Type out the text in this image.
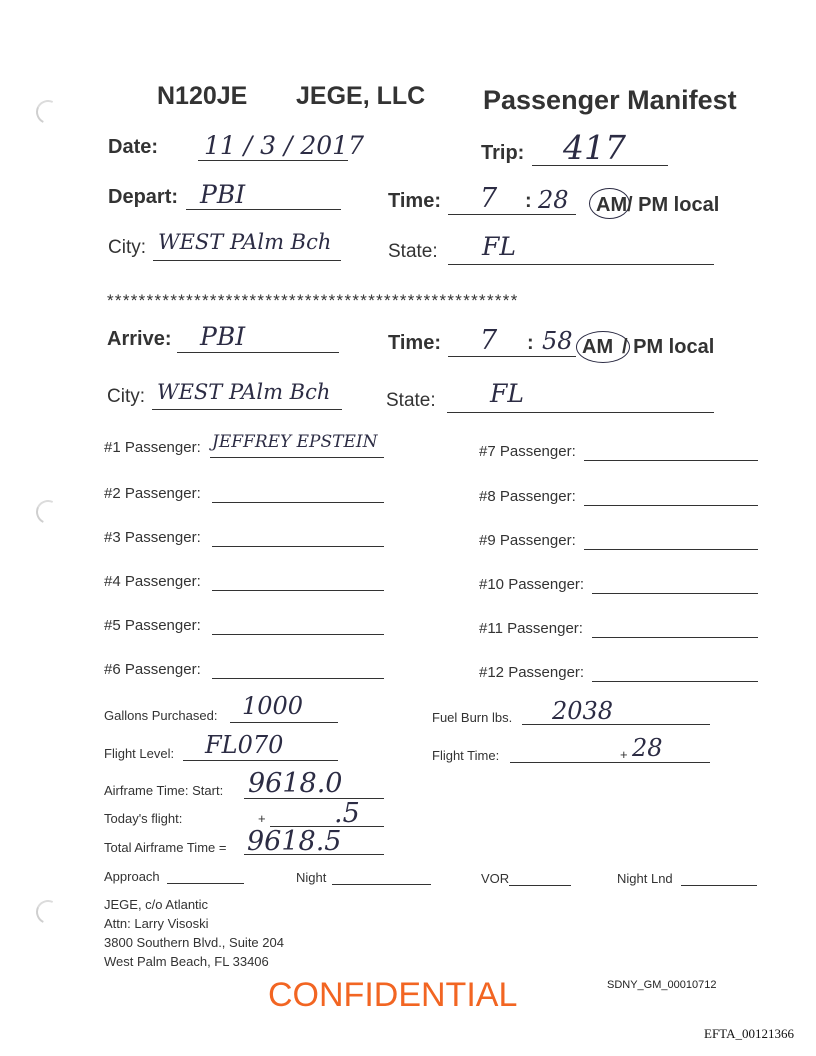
N120JE JEGE, LLC Passenger Manifest
Date: 11 / 3 / 2017	Trip: 417
Depart: PBI	Time: 7 : 28 AM / PM local
City: WEST PAlm Bch	State: FL
****************************************************
Arrive: PBI	Time: 7 : 58 AM / PM local
City: WEST PAlm Bch	State: FL
#1 Passenger: JEFFREY EPSTEIN
#2 Passenger:
#3 Passenger:
#4 Passenger:
#5 Passenger:
#6 Passenger:
#7 Passenger:
#8 Passenger:
#9 Passenger:
#10 Passenger:
#11 Passenger:
#12 Passenger:
Gallons Purchased: 1000	Fuel Burn lbs. 2038
Flight Level: FL070	Flight Time:	+ 28
Airframe Time: Start: 9618.0
Today's flight:	+	.5
Total Airframe Time = 9618.5
Approach	Night	VOR	Night Lnd
JEGE, c/o Atlantic
Attn: Larry Visoski
3800 Southern Blvd., Suite 204
West Palm Beach, FL 33406
CONFIDENTIAL	SDNY_GM_00010712
EFTA_00121366
